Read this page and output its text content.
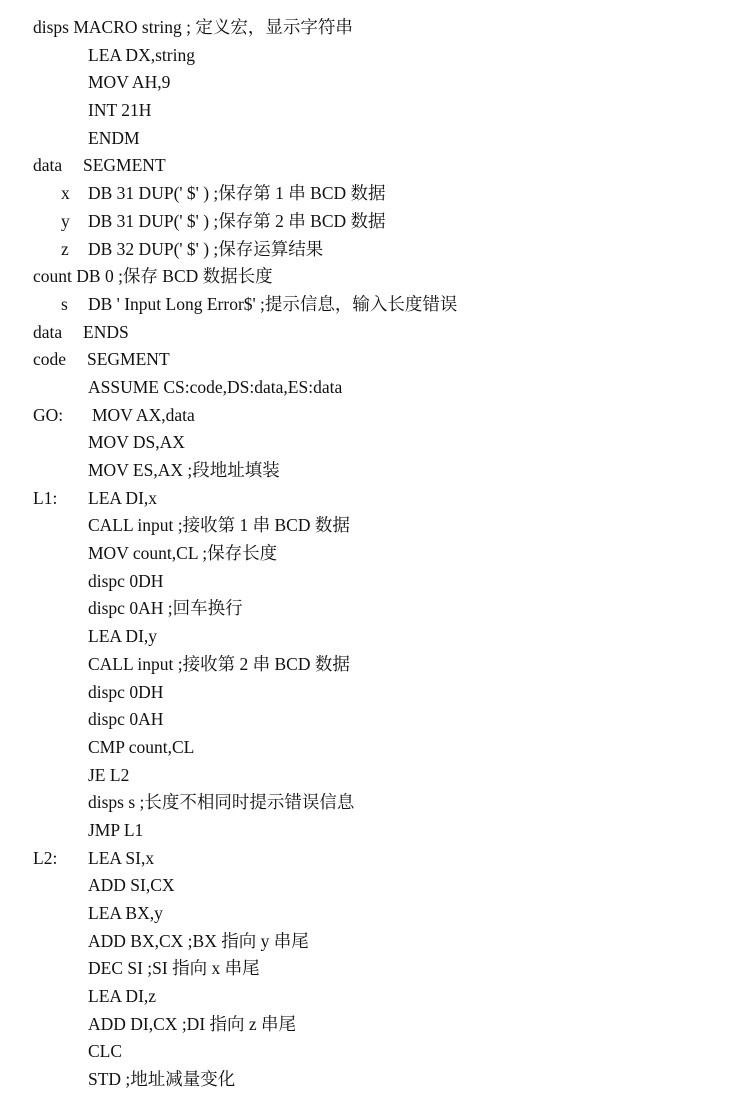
disps MACRO string ; 定义宏，显示字符串
LEA DX,string
MOV AH,9
INT 21H
ENDM
data SEGMENT
x DB 31 DUP(' $' ) ;保存第 1 串 BCD 数据
y DB 31 DUP(' $' ) ;保存第 2 串 BCD 数据
z DB 32 DUP(' $' ) ;保存运算结果
count DB 0 ;保存 BCD 数据长度
s DB ' Input Long Error$' ;提示信息，输入长度错误
data ENDS
code SEGMENT
ASSUME CS:code,DS:data,ES:data
GO: MOV AX,data
MOV DS,AX
MOV ES,AX ;段地址填装
L1: LEA DI,x
CALL input ;接收第 1 串 BCD 数据
MOV count,CL ;保存长度
dispc 0DH
dispc 0AH ;回车换行
LEA DI,y
CALL input ;接收第 2 串 BCD 数据
dispc 0DH
dispc 0AH
CMP count,CL
JE L2
disps s ;长度不相同时提示错误信息
JMP L1
L2: LEA SI,x
ADD SI,CX
LEA BX,y
ADD BX,CX ;BX 指向 y 串尾
DEC SI ;SI 指向 x 串尾
LEA DI,z
ADD DI,CX ;DI 指向 z 串尾
CLC
STD ;地址减量变化
